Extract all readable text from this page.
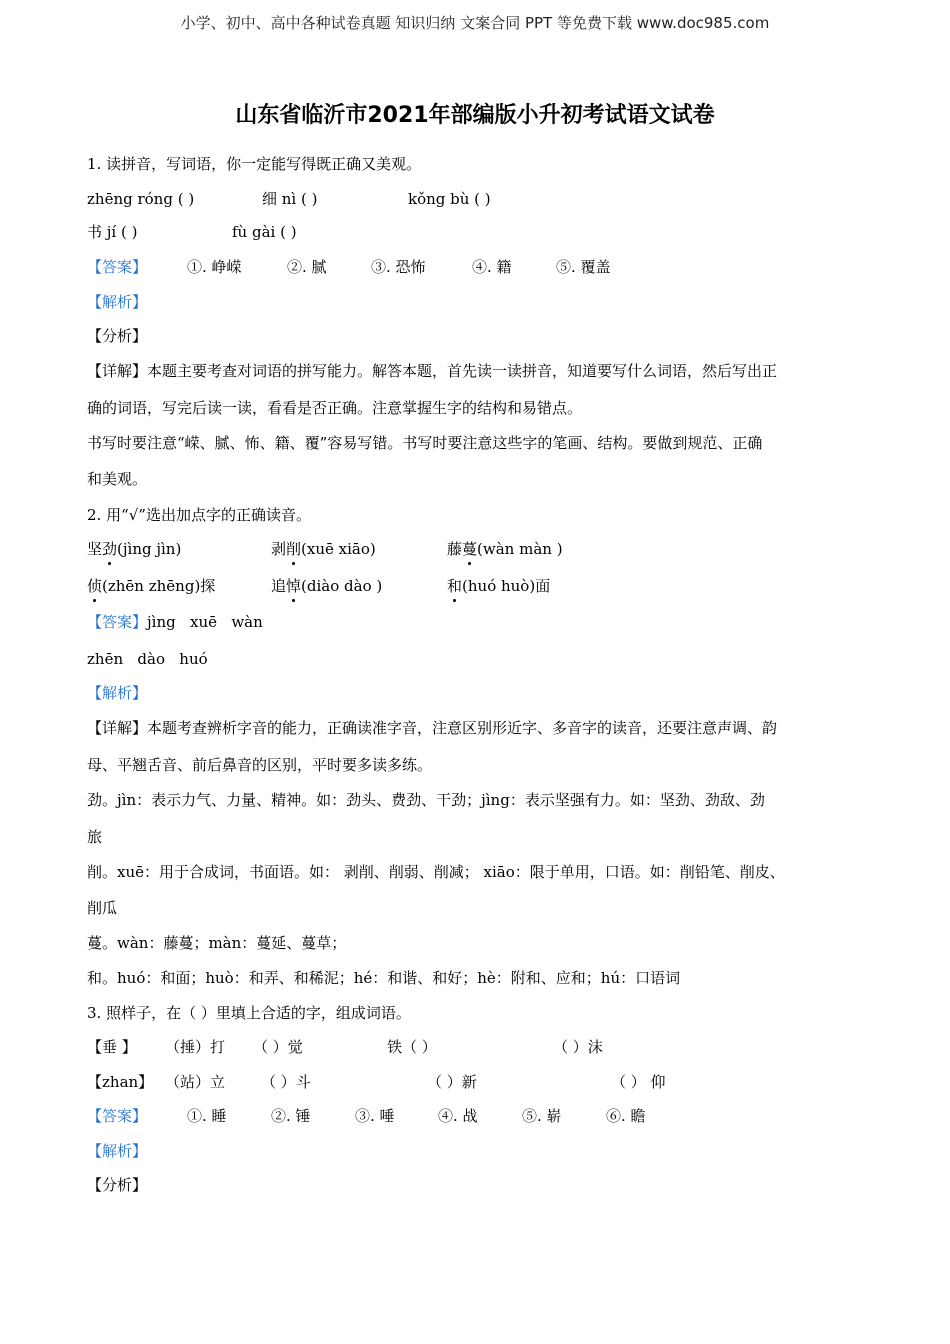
小学、初中、高中各种试卷真题 知识归纳 文案合同 PPT 等免费下载 www.doc985.com
山东省临沂市2021年部编版小升初考试语文试卷
1. 读拼音，写词语，你一定能写得既正确又美观。
zhēng róng ( )	细 nì ( )	kǒng bù ( )
书 jí ( )	fù gài ( )
【答案】	①. 峥嵘	②. 腻	③. 恐怖	④. 籍	⑤. 覆盖
【解析】
【分析】
【详解】本题主要考查对词语的拼写能力。解答本题，首先读一读拼音，知道要写什么词语，然后写出正
确的词语，写完后读一读，看看是否正确。注意掌握生字的结构和易错点。
书写时要注意“嵘、腻、怖、籍、覆”容易写错。书写时要注意这些字的笔画、结构。要做到规范、正确
和美观。
2. 用“√”选出加点字的正确读音。
坚劲(jìng jìn)	剥削(xuē xiāo)	藤蔓(wàn màn )
侦(zhēn zhēng)探	追悼(diào dào )	和(huó huò)面
【答案】jìng   xuē   wàn
zhēn   dào   huó
【解析】
【详解】本题考查辨析字音的能力，正确读准字音，注意区别形近字、多音字的读音，还要注意声调、韵
母、平翘舌音、前后鼻音的区别，平时要多读多练。
劲。jìn：表示力气、力量、精神。如：劲头、费劲、干劲；jìng：表示坚强有力。如：坚劲、劲敌、劲
旅
削。xuē：用于合成词，书面语。如： 剥削、削弱、削减； xiāo：限于单用，口语。如：削铅笔、削皮、
削瓜
蔓。wàn：藤蔓；màn：蔓延、蔓草；
和。huó：和面；huò：和弄、和稀泥；hé：和谐、和好；hè：附和、应和；hú：口语词
3. 照样子，在（ ）里填上合适的字，组成词语。
【垂 】 （捶）打 （ ）觉	铁（ ）	（ ）沫
【zhan】 （站）立 （ ）斗	（ ）新	（ ） 仰
【答案】	①. 睡	②. 锤	③. 唾	④. 战	⑤. 崭	⑥. 瞻
【解析】
【分析】
